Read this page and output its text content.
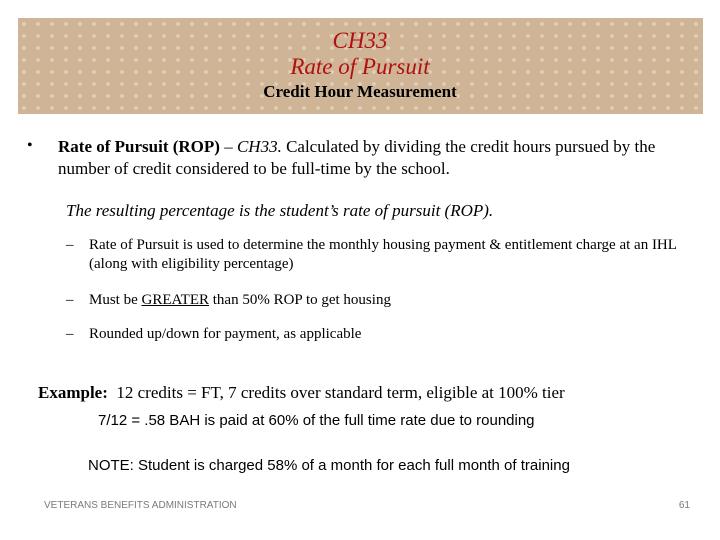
CH33
Rate of Pursuit
Credit Hour Measurement
• Rate of Pursuit (ROP) – CH33. Calculated by dividing the credit hours pursued by the number of credit considered to be full-time by the school.
The resulting percentage is the student’s rate of pursuit (ROP).
–	Rate of Pursuit is used to determine the monthly housing payment & entitlement charge at an IHL (along with eligibility percentage)
–	Must be GREATER than 50% ROP to get housing
–	Rounded up/down for payment, as applicable
Example:  12 credits = FT, 7 credits over standard term, eligible at 100% tier
7/12 = .58 BAH is paid at 60% of the full time rate due to rounding
NOTE: Student is charged 58% of a month for each full month of training
VETERANS BENEFITS ADMINISTRATION	61
